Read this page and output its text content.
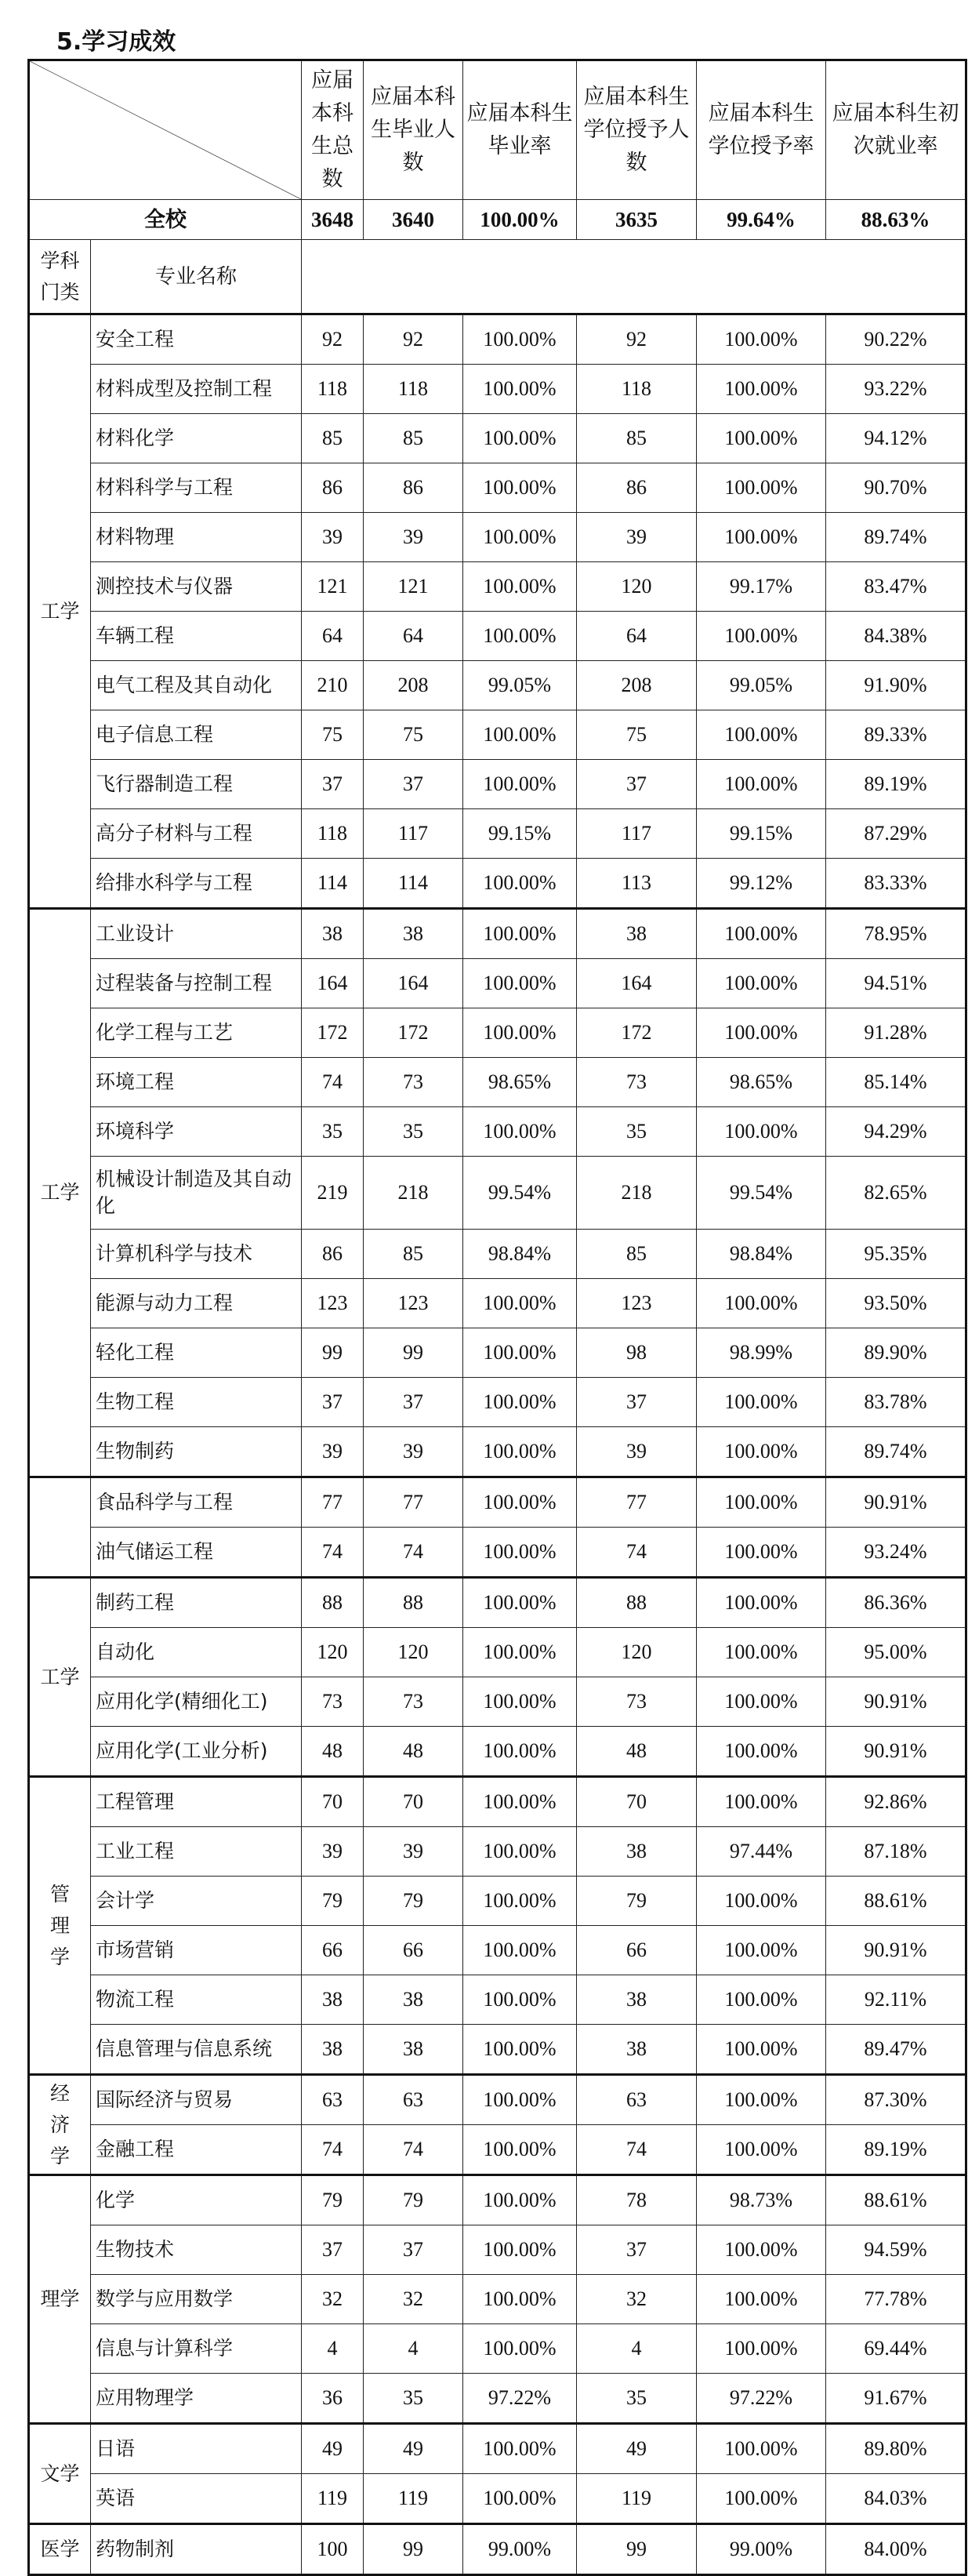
5.学习成效
	应届本科生总数	应届本科生毕业人数	应届本科生毕业率	应届本科生学位授予人数	应届本科生学位授予率	应届本科生初次就业率
全校		3648	3640	100.00%	3635	99.64%	88.63%
学科门类	专业名称						
工学	安全工程	92	92	100.00%	92	100.00%	90.22%
	材料成型及控制工程	118	118	100.00%	118	100.00%	93.22%
	材料化学	85	85	100.00%	85	100.00%	94.12%
	材料科学与工程	86	86	100.00%	86	100.00%	90.70%
	材料物理	39	39	100.00%	39	100.00%	89.74%
	测控技术与仪器	121	121	100.00%	120	99.17%	83.47%
	车辆工程	64	64	100.00%	64	100.00%	84.38%
	电气工程及其自动化	210	208	99.05%	208	99.05%	91.90%
	电子信息工程	75	75	100.00%	75	100.00%	89.33%
	飞行器制造工程	37	37	100.00%	37	100.00%	89.19%
	高分子材料与工程	118	117	99.15%	117	99.15%	87.29%
	给排水科学与工程	114	114	100.00%	113	99.12%	83.33%
工学	工业设计	38	38	100.00%	38	100.00%	78.95%
	过程装备与控制工程	164	164	100.00%	164	100.00%	94.51%
	化学工程与工艺	172	172	100.00%	172	100.00%	91.28%
	环境工程	74	73	98.65%	73	98.65%	85.14%
	环境科学	35	35	100.00%	35	100.00%	94.29%
	机械设计制造及其自动化	219	218	99.54%	218	99.54%	82.65%
	计算机科学与技术	86	85	98.84%	85	98.84%	95.35%
	能源与动力工程	123	123	100.00%	123	100.00%	93.50%
	轻化工程	99	99	100.00%	98	98.99%	89.90%
	生物工程	37	37	100.00%	37	100.00%	83.78%
	生物制药	39	39	100.00%	39	100.00%	89.74%
	食品科学与工程	77	77	100.00%	77	100.00%	90.91%
	油气储运工程	74	74	100.00%	74	100.00%	93.24%
工学	制药工程	88	88	100.00%	88	100.00%	86.36%
	自动化	120	120	100.00%	120	100.00%	95.00%
	应用化学(精细化工)	73	73	100.00%	73	100.00%	90.91%
	应用化学(工业分析)	48	48	100.00%	48	100.00%	90.91%
管理学	工程管理	70	70	100.00%	70	100.00%	92.86%
	工业工程	39	39	100.00%	38	97.44%	87.18%
	会计学	79	79	100.00%	79	100.00%	88.61%
	市场营销	66	66	100.00%	66	100.00%	90.91%
	物流工程	38	38	100.00%	38	100.00%	92.11%
	信息管理与信息系统	38	38	100.00%	38	100.00%	89.47%
经济学	国际经济与贸易	63	63	100.00%	63	100.00%	87.30%
	金融工程	74	74	100.00%	74	100.00%	89.19%
理学	化学	79	79	100.00%	78	98.73%	88.61%
	生物技术	37	37	100.00%	37	100.00%	94.59%
	数学与应用数学	32	32	100.00%	32	100.00%	77.78%
	信息与计算科学	4	4	100.00%	4	100.00%	69.44%
	应用物理学	36	35	97.22%	35	97.22%	91.67%
文学	日语	49	49	100.00%	49	100.00%	89.80%
	英语	119	119	100.00%	119	100.00%	84.03%
医学	药物制剂	100	99	99.00%	99	99.00%	84.00%
